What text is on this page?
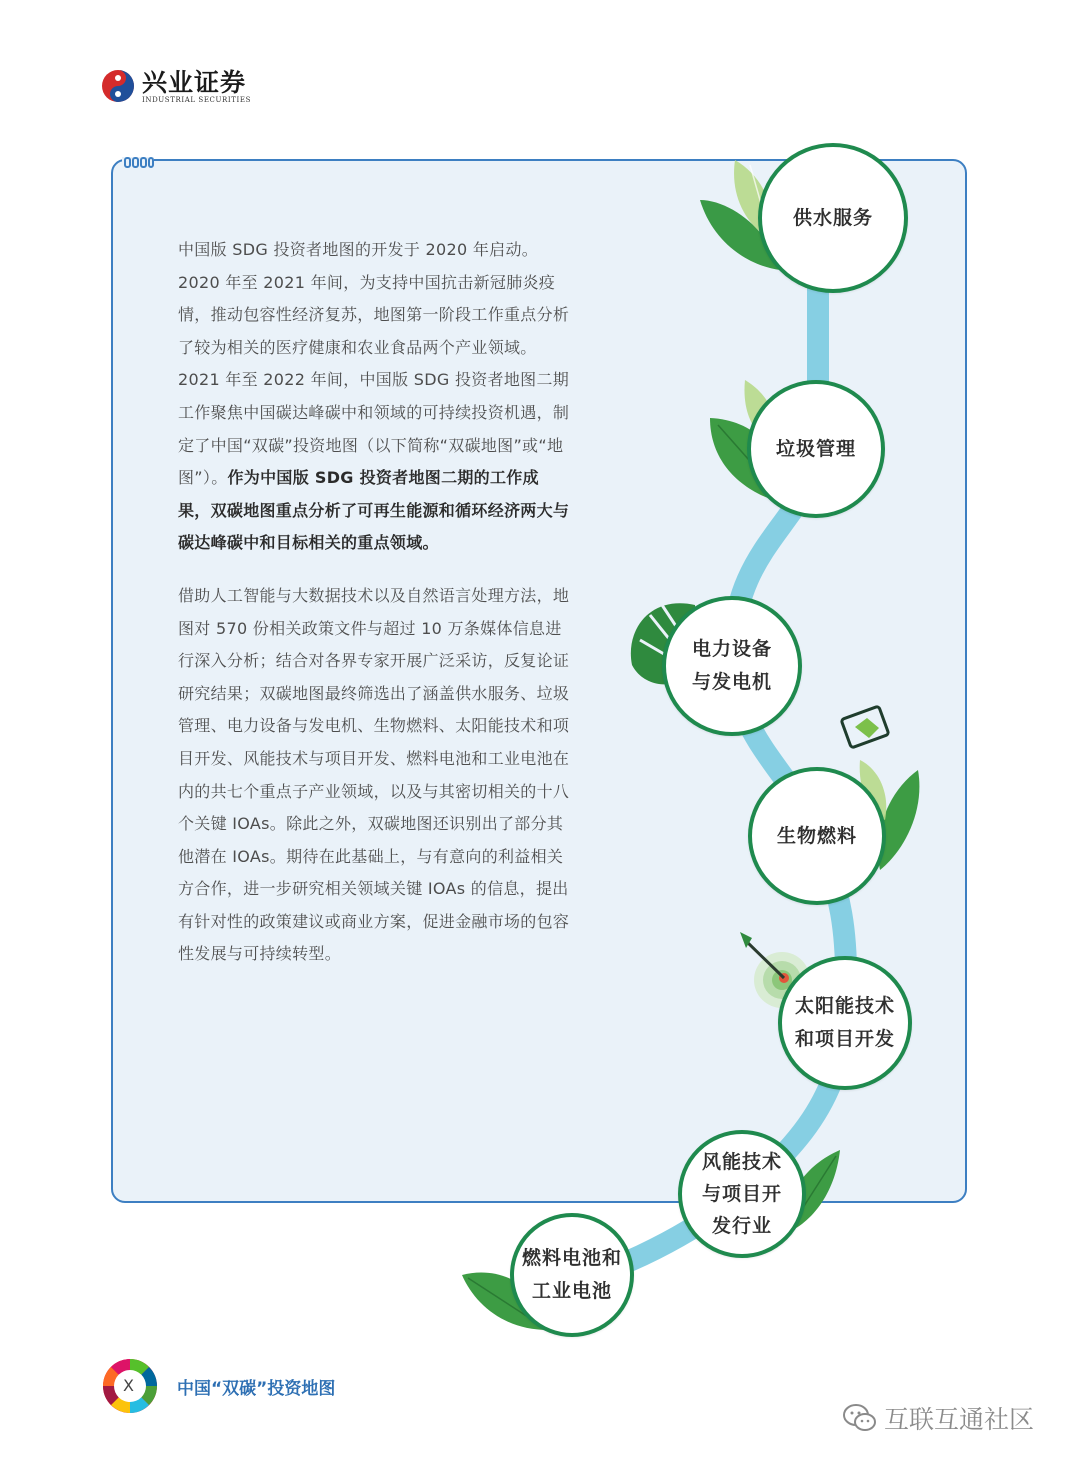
兴业证券
INDUSTRIAL SECURITIES

中国版 SDG 投资者地图的开发于 2020 年启动。2020 年至 2021 年间，为支持中国抗击新冠肺炎疫情，推动包容性经济复苏，地图第一阶段工作重点分析了较为相关的医疗健康和农业食品两个产业领域。2021 年至 2022 年间，中国版 SDG 投资者地图二期工作聚焦中国碳达峰碳中和领域的可持续投资机遇，制定了中国“双碳”投资地图（以下简称“双碳地图”或“地图”）。作为中国版 SDG 投资者地图二期的工作成果，双碳地图重点分析了可再生能源和循环经济两大与碳达峰碳中和目标相关的重点领域。

借助人工智能与大数据技术以及自然语言处理方法，地图对 570 份相关政策文件与超过 10 万条媒体信息进行深入分析；结合对各界专家开展广泛采访，反复论证研究结果；双碳地图最终筛选出了涵盖供水服务、垃圾管理、电力设备与发电机、生物燃料、太阳能技术和项目开发、风能技术与项目开发、燃料电池和工业电池在内的共七个重点子产业领域，以及与其密切相关的十八个关键 IOAs。除此之外，双碳地图还识别出了部分其他潜在 IOAs。期待在此基础上，与有意向的利益相关方合作，进一步研究相关领域关键 IOAs 的信息，提出有针对性的政策建议或商业方案，促进金融市场的包容性发展与可持续转型。

供水服务
垃圾管理
电力设备
与发电机
生物燃料
太阳能技术
和项目开发
风能技术
与项目开
发行业
燃料电池和
工业电池
X	中国“双碳”投资地图
互联互通社区
